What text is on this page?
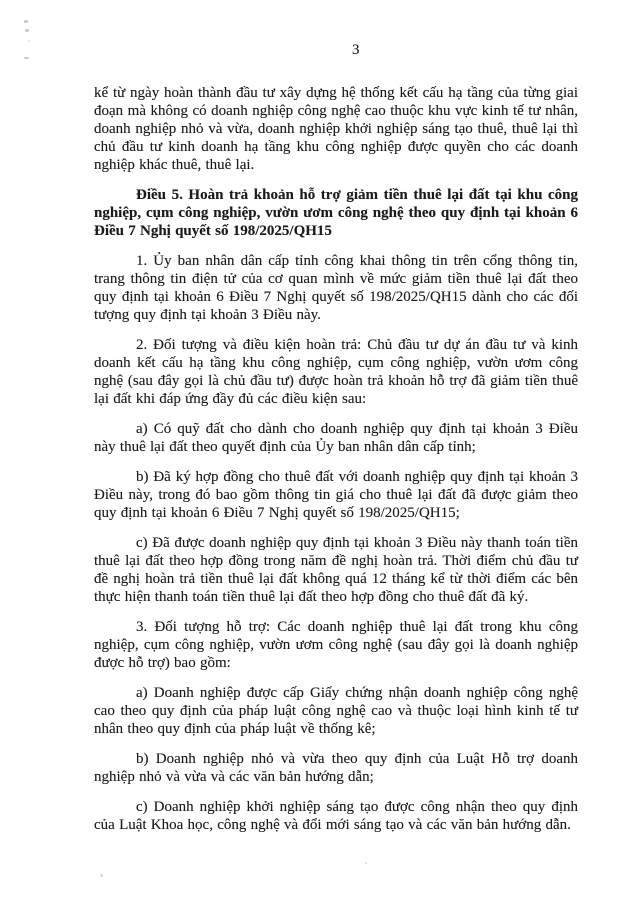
3

kể từ ngày hoàn thành đầu tư xây dựng hệ thống kết cấu hạ tầng của từng giai đoạn mà không có doanh nghiệp công nghệ cao thuộc khu vực kinh tế tư nhân, doanh nghiệp nhỏ và vừa, doanh nghiệp khởi nghiệp sáng tạo thuê, thuê lại thì chủ đầu tư kinh doanh hạ tầng khu công nghiệp được quyền cho các doanh nghiệp khác thuê, thuê lại.

Điều 5. Hoàn trả khoản hỗ trợ giảm tiền thuê lại đất tại khu công nghiệp, cụm công nghiệp, vườn ươm công nghệ theo quy định tại khoản 6 Điều 7 Nghị quyết số 198/2025/QH15

1. Ủy ban nhân dân cấp tỉnh công khai thông tin trên cổng thông tin, trang thông tin điện tử của cơ quan mình về mức giảm tiền thuê lại đất theo quy định tại khoản 6 Điều 7 Nghị quyết số 198/2025/QH15 dành cho các đối tượng quy định tại khoản 3 Điều này.

2. Đối tượng và điều kiện hoàn trả: Chủ đầu tư dự án đầu tư và kinh doanh kết cấu hạ tầng khu công nghiệp, cụm công nghiệp, vườn ươm công nghệ (sau đây gọi là chủ đầu tư) được hoàn trả khoản hỗ trợ đã giảm tiền thuê lại đất khi đáp ứng đầy đủ các điều kiện sau:

a) Có quỹ đất cho dành cho doanh nghiệp quy định tại khoản 3 Điều này thuê lại đất theo quyết định của Ủy ban nhân dân cấp tỉnh;

b) Đã ký hợp đồng cho thuê đất với doanh nghiệp quy định tại khoản 3 Điều này, trong đó bao gồm thông tin giá cho thuê lại đất đã được giảm theo quy định tại khoản 6 Điều 7 Nghị quyết số 198/2025/QH15;

c) Đã được doanh nghiệp quy định tại khoản 3 Điều này thanh toán tiền thuê lại đất theo hợp đồng trong năm đề nghị hoàn trả. Thời điểm chủ đầu tư đề nghị hoàn trả tiền thuê lại đất không quá 12 tháng kể từ thời điểm các bên thực hiện thanh toán tiền thuê lại đất theo hợp đồng cho thuê đất đã ký.

3. Đối tượng hỗ trợ: Các doanh nghiệp thuê lại đất trong khu công nghiệp, cụm công nghiệp, vườn ươm công nghệ (sau đây gọi là doanh nghiệp được hỗ trợ) bao gồm:

a) Doanh nghiệp được cấp Giấy chứng nhận doanh nghiệp công nghệ cao theo quy định của pháp luật công nghệ cao và thuộc loại hình kinh tế tư nhân theo quy định của pháp luật về thống kê;

b) Doanh nghiệp nhỏ và vừa theo quy định của Luật Hỗ trợ doanh nghiệp nhỏ và vừa và các văn bản hướng dẫn;

c) Doanh nghiệp khởi nghiệp sáng tạo được công nhận theo quy định của Luật Khoa học, công nghệ và đổi mới sáng tạo và các văn bản hướng dẫn.
